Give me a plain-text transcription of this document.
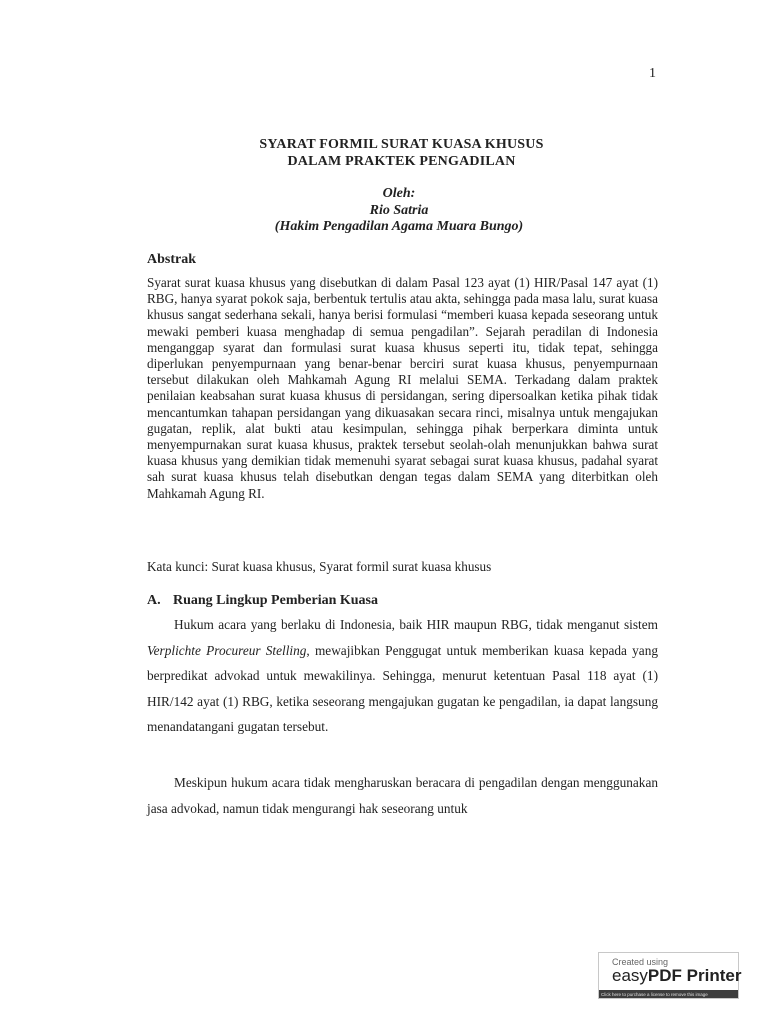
1
SYARAT FORMIL SURAT KUASA KHUSUS
DALAM PRAKTEK PENGADILAN
Oleh:
Rio Satria
(Hakim Pengadilan Agama Muara Bungo)
Abstrak

Syarat surat kuasa khusus yang disebutkan di dalam Pasal 123 ayat (1) HIR/Pasal 147 ayat (1) RBG, hanya syarat pokok saja, berbentuk tertulis atau akta, sehingga pada masa lalu, surat kuasa khusus sangat sederhana sekali, hanya berisi formulasi “memberi kuasa kepada seseorang untuk mewaki pemberi kuasa menghadap di semua pengadilan”. Sejarah peradilan di Indonesia menganggap syarat dan formulasi surat kuasa khusus seperti itu, tidak tepat, sehingga diperlukan penyempurnaan yang benar-benar berciri surat kuasa khusus, penyempurnaan tersebut dilakukan oleh Mahkamah Agung RI melalui SEMA. Terkadang dalam praktek penilaian keabsahan surat kuasa khusus di persidangan, sering dipersoalkan ketika pihak tidak mencantumkan tahapan persidangan yang dikuasakan secara rinci, misalnya untuk mengajukan gugatan, replik, alat bukti atau kesimpulan, sehingga pihak berperkara diminta untuk menyempurnakan surat kuasa khusus, praktek tersebut seolah-olah menunjukkan bahwa surat kuasa khusus yang demikian tidak memenuhi syarat sebagai surat kuasa khusus, padahal syarat sah surat kuasa khusus telah disebutkan dengan tegas dalam SEMA yang diterbitkan oleh Mahkamah Agung RI.

Kata kunci: Surat kuasa khusus, Syarat formil surat kuasa khusus

A. Ruang Lingkup Pemberian Kuasa

Hukum acara yang berlaku di Indonesia, baik HIR maupun RBG, tidak menganut sistem Verplichte Procureur Stelling, mewajibkan Penggugat untuk memberikan kuasa kepada yang berpredikat advokad untuk mewakilinya. Sehingga, menurut ketentuan Pasal 118 ayat (1) HIR/142 ayat (1) RBG, ketika seseorang mengajukan gugatan ke pengadilan, ia dapat langsung menandatangani gugatan tersebut.

Meskipun hukum acara tidak mengharuskan beracara di pengadilan dengan menggunakan jasa advokad, namun tidak mengurangi hak seseorang untuk

Created using
easyPDF Printer
Click here to purchase a license to remove this image
